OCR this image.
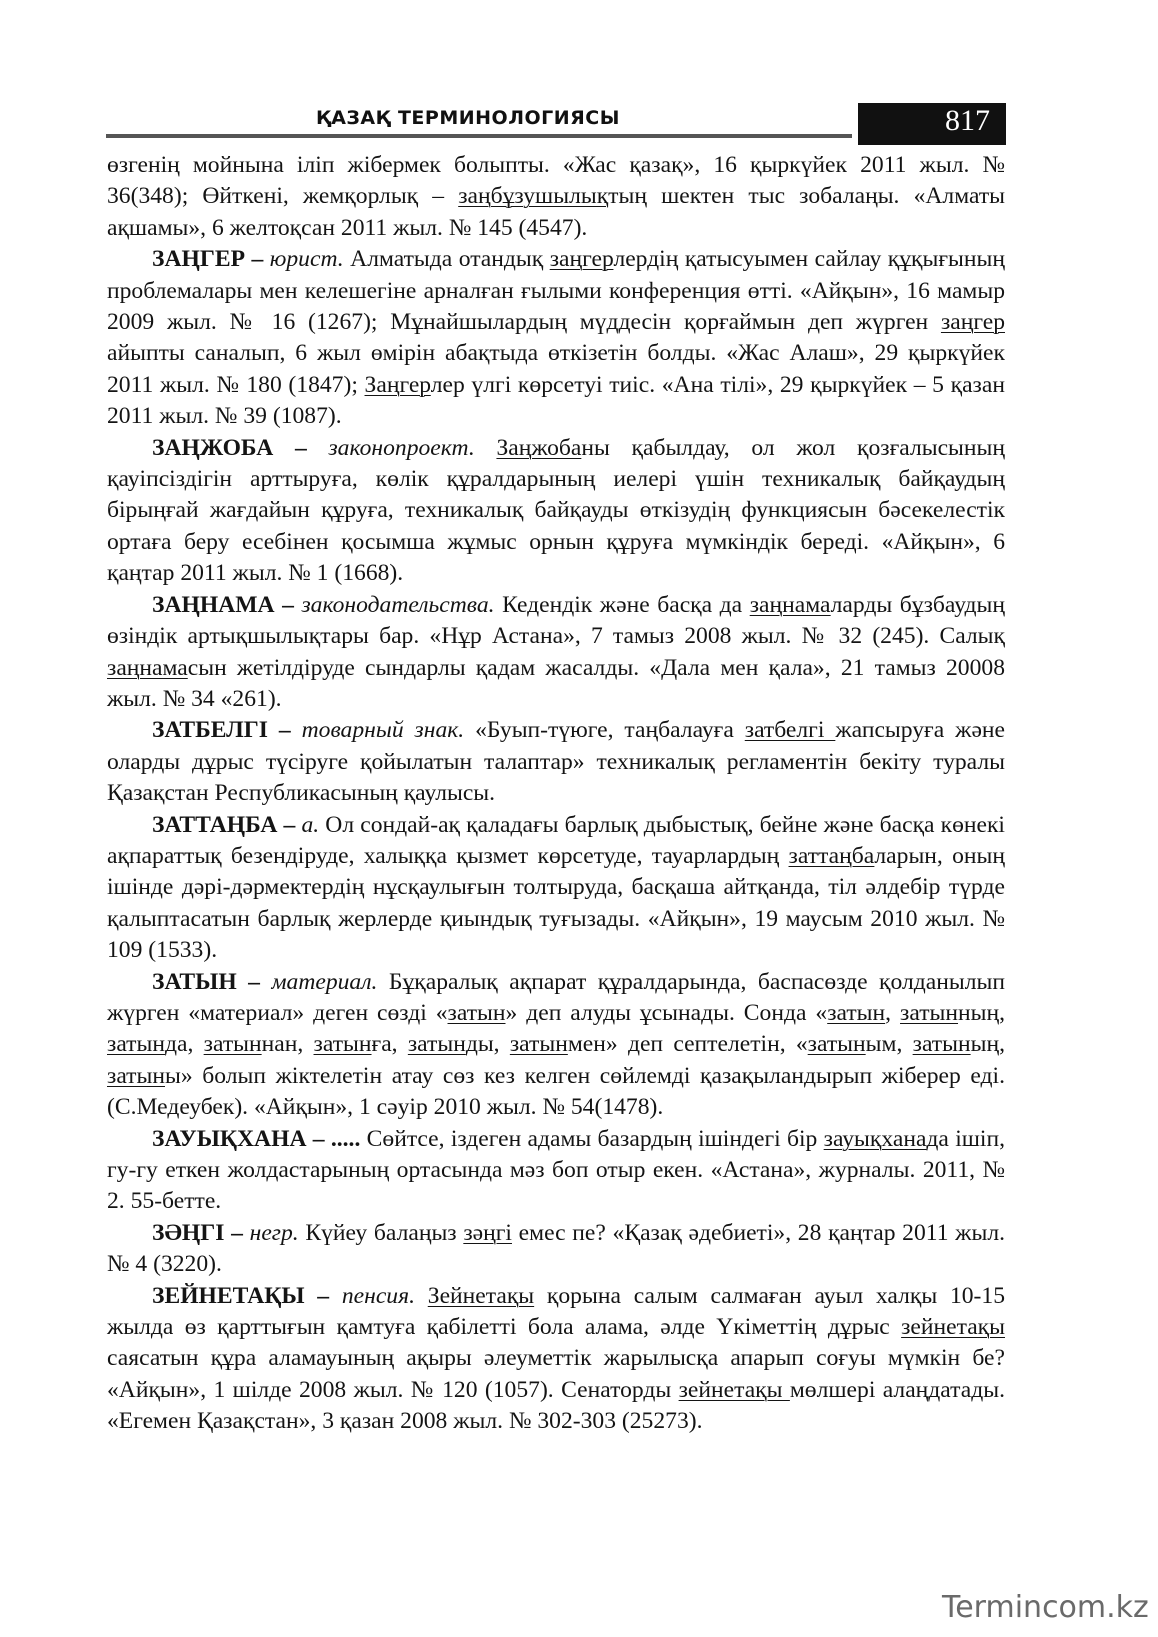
ҚАЗАҚ ТЕРМИНОЛОГИЯСЫ	817

өзгенің мойнына іліп жібермек болыпты. «Жас қазақ», 16 қыркүйек 2011 жыл. № 36(348); Өйткені, жемқорлық – заңбұзушылықтың шектен тыс зобалаңы. «Алматы ақшамы», 6 желтоқсан 2011 жыл. № 145 (4547).

ЗАҢГЕР – юрист. Алматыда отандық заңгерлердің қатысуымен сайлау құқығының проблемалары мен келешегіне арналған ғылыми конференция өтті. «Айқын», 16 мамыр 2009 жыл. № 16 (1267); Мұнайшылардың мүддесін қорғаймын деп жүрген заңгер айыпты саналып, 6 жыл өмірін абақтыда өткізетін болды. «Жас Алаш», 29 қыркүйек 2011 жыл. № 180 (1847); Заңгерлер үлгі көрсетуі тиіс. «Ана тілі», 29 қыркүйек – 5 қазан 2011 жыл. № 39 (1087).

ЗАҢЖОБА – законопроект. Заңжобаны қабылдау, ол жол қозғалысының қауіпсіздігін арттыруға, көлік құралдарының иелері үшін техникалық байқаудың бірыңғай жағдайын құруға, техникалық байқауды өткізудің функциясын бәсекелестік ортаға беру есебінен қосымша жұмыс орнын құруға мүмкіндік береді. «Айқын», 6 қаңтар 2011 жыл. № 1 (1668).

ЗАҢНАМА – законодательства. Кедендік және басқа да заңнамаларды бұзбаудың өзіндік артықшылықтары бар. «Нұр Астана», 7 тамыз 2008 жыл. № 32 (245). Салық заңнамасын жетілдіруде сындарлы қадам жасалды. «Дала мен қала», 21 тамыз 20008 жыл. № 34 «261).

ЗАТБЕЛГІ – товарный знак. «Буып-түюге, таңбалауға затбелгі жапсыруға және оларды дұрыс түсіруге қойылатын талаптар» техникалық регламентін бекіту туралы Қазақстан Республикасының қаулысы.

ЗАТТАҢБА – а. Ол сондай-ақ қаладағы барлық дыбыстық, бейне және басқа көнекі ақпараттық безендіруде, халыққа қызмет көрсетуде, тауарлардың заттаңбаларын, оның ішінде дәрі-дәрмектердің нұсқаулығын толтыруда, басқаша айтқанда, тіл әлдебір түрде қалыптасатын барлық жерлерде қиындық туғызады. «Айқын», 19 маусым 2010 жыл. № 109 (1533).

ЗАТЫН – материал. Бұқаралық ақпарат құралдарында, баспасөзде қолданылып жүрген «материал» деген сөзді «затын» деп алуды ұсынады. Сонда «затын, затынның, затында, затыннан, затынға, затынды, затынмен» деп септелетін, «затыным, затының, затыны» болып жіктелетін атау сөз кез келген сөйлемді қазақыландырып жіберер еді. (С.Медеубек). «Айқын», 1 сәуір 2010 жыл. № 54(1478).

ЗАУЫҚХАНА – ..... Сөйтсе, іздеген адамы базардың ішіндегі бір зауықханада ішіп, гу-гу еткен жолдастарының ортасында мәз боп отыр екен. «Астана», журналы. 2011, № 2. 55-бетте.

ЗӘҢГІ – негр. Күйеу балаңыз зәңгі емес пе? «Қазақ әдебиеті», 28 қаңтар 2011 жыл. № 4 (3220).

ЗЕЙНЕТАҚЫ – пенсия. Зейнетақы қорына салым салмаған ауыл халқы 10-15 жылда өз қарттығын қамтуға қабілетті бола алама, әлде Үкіметтің дұрыс зейнетақы саясатын құра аламауының ақыры әлеуметтік жарылысқа апарып соғуы мүмкін бе? «Айқын», 1 шілде 2008 жыл. № 120 (1057). Сенаторды зейнетақы мөлшері алаңдатады. «Егемен Қазақстан», 3 қазан 2008 жыл. № 302-303 (25273).

Termincom.kz
